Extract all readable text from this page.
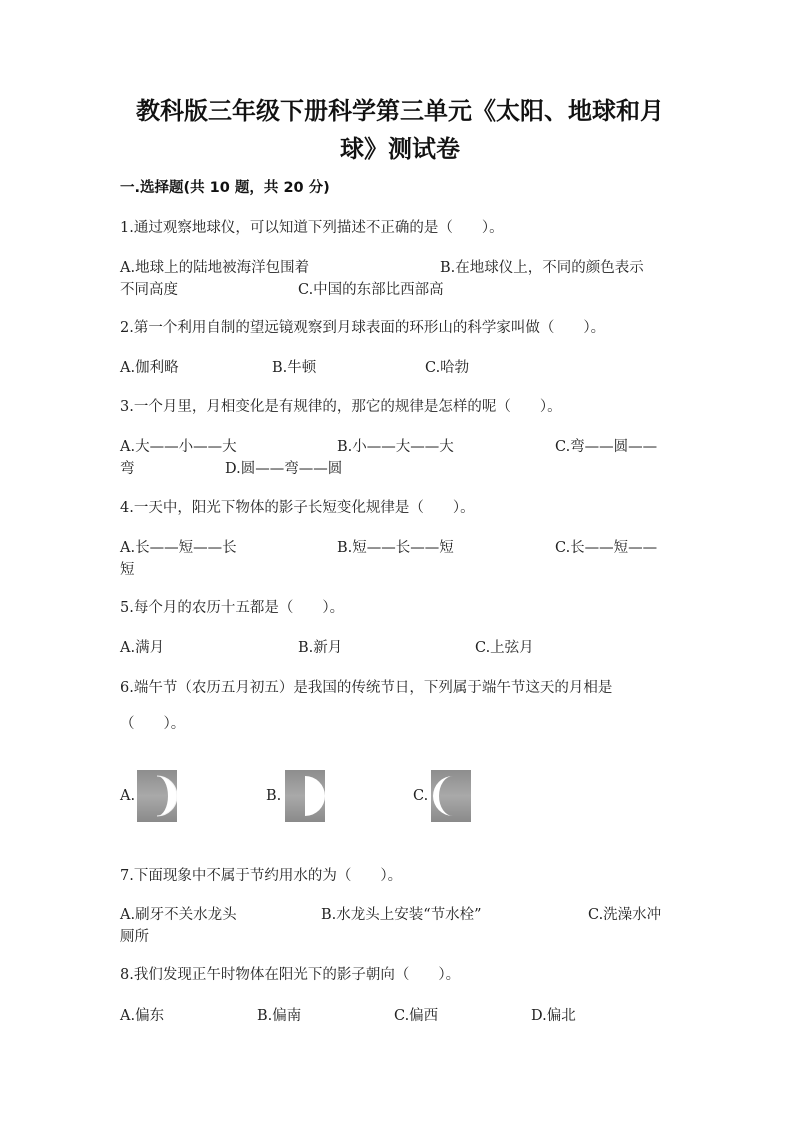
教科版三年级下册科学第三单元《太阳、地球和月
球》测试卷
一.选择题(共 10 题，共 20 分)
1.通过观察地球仪，可以知道下列描述不正确的是（　　）。
A.地球上的陆地被海洋包围着	B.在地球仪上，不同的颜色表示
不同高度	C.中国的东部比西部高
2.第一个利用自制的望远镜观察到月球表面的环形山的科学家叫做（　　）。
A.伽利略	B.牛顿	C.哈勃
3.一个月里，月相变化是有规律的，那它的规律是怎样的呢（　　）。
A.大——小——大	B.小——大——大	C.弯——圆——
弯	D.圆——弯——圆
4.一天中，阳光下物体的影子长短变化规律是（　　）。
A.长——短——长	B.短——长——短	C.长——短——
短
5.每个月的农历十五都是（　　）。
A.满月	B.新月	C.上弦月
6.端午节（农历五月初五）是我国的传统节日，下列属于端午节这天的月相是
（　　）。
A.	B.	C.
7.下面现象中不属于节约用水的为（　　）。
A.刷牙不关水龙头	B.水龙头上安装“节水栓”	C.洗澡水冲
厕所
8.我们发现正午时物体在阳光下的影子朝向（　　）。
A.偏东	B.偏南	C.偏西	D.偏北
